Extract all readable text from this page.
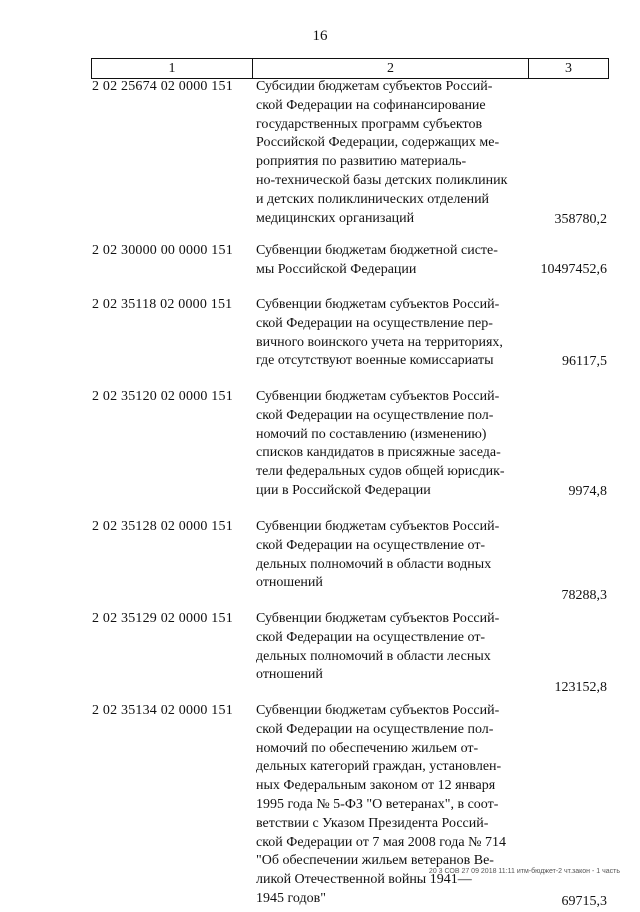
16
1	2	3
2 02 25674 02 0000 151	Субсидии бюджетам субъектов Россий-
ской Федерации на софинансирование
государственных программ субъектов
Российской Федерации, содержащих ме-
роприятия по развитию материаль-
но-технической базы детских поликлиник
и детских поликлинических отделений
медицинских организаций	358780,2
2 02 30000 00 0000 151	Субвенции бюджетам бюджетной систе-
мы Российской Федерации	10497452,6
2 02 35118 02 0000 151	Субвенции бюджетам субъектов Россий-
ской Федерации на осуществление пер-
вичного воинского учета на территориях,
где отсутствуют военные комиссариаты	96117,5
2 02 35120 02 0000 151	Субвенции бюджетам субъектов Россий-
ской Федерации на осуществление пол-
номочий по составлению (изменению)
списков кандидатов в присяжные заседа-
тели федеральных судов общей юрисдик-
ции в Российской Федерации	9974,8
2 02 35128 02 0000 151	Субвенции бюджетам субъектов Россий-
ской Федерации на осуществление от-
дельных полномочий в области водных
отношений
78288,3
2 02 35129 02 0000 151	Субвенции бюджетам субъектов Россий-
ской Федерации на осуществление от-
дельных полномочий в области лесных
отношений
123152,8
2 02 35134 02 0000 151	Субвенции бюджетам субъектов Россий-
ской Федерации на осуществление пол-
номочий по обеспечению жильем от-
дельных категорий граждан, установлен-
ных Федеральным законом от 12 января
1995 года № 5-ФЗ "О ветеранах", в соот-
ветствии с Указом Президента Россий-
ской Федерации от 7 мая 2008 года № 714
"Об обеспечении жильем ветеранов Ве-
ликой Отечественной войны 1941—
1945 годов"	69715,3
20 3 СОВ 27 09 2018 11:11 итм-бюджет-2 чт.закон - 1 часть
